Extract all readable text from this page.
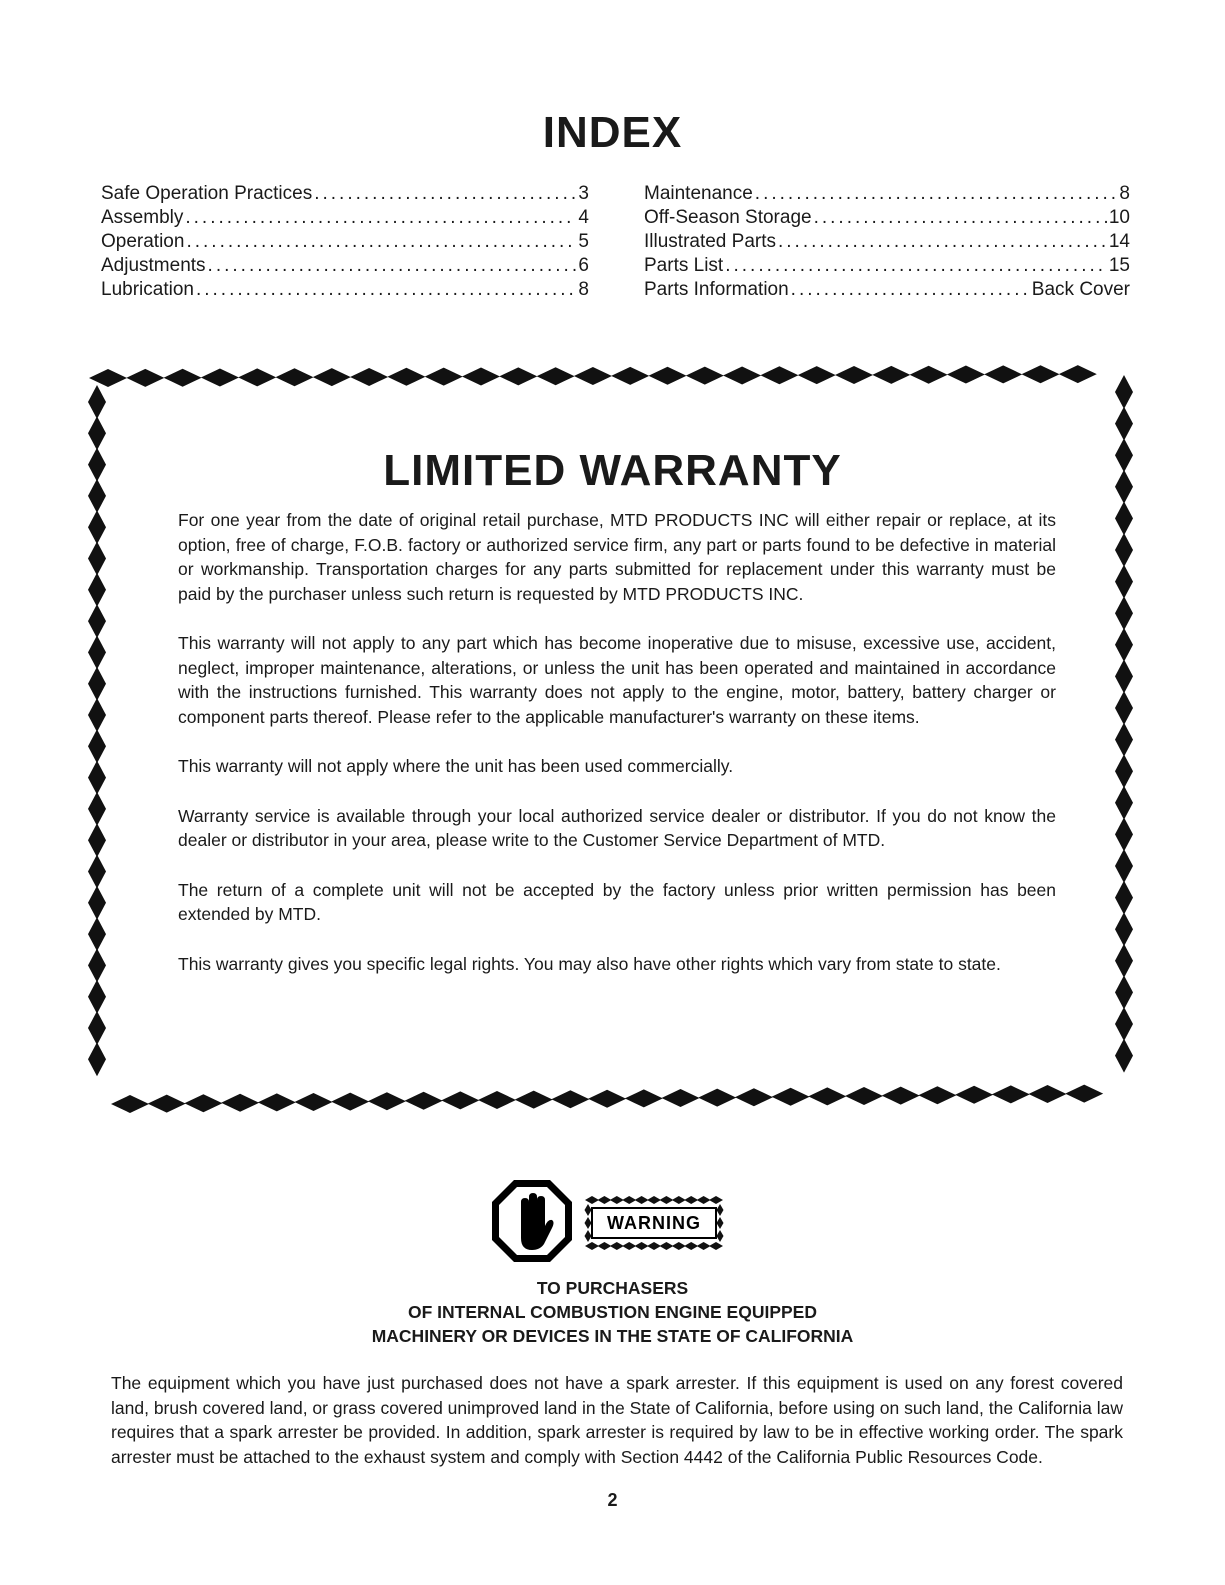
INDEX
Safe Operation Practices .....	3
Assembly .....	4
Operation .....	5
Adjustments .....	6
Lubrication .....	8
Maintenance .....	8
Off-Season Storage .....	10
Illustrated Parts .....	14
Parts List .....	15
Parts Information .....	Back Cover
LIMITED WARRANTY

For one year from the date of original retail purchase, MTD PRODUCTS INC will either repair or replace, at its option, free of charge, F.O.B. factory or authorized service firm, any part or parts found to be defective in material or workmanship. Transportation charges for any parts submitted for replacement under this warranty must be paid by the purchaser unless such return is requested by MTD PRODUCTS INC.

This warranty will not apply to any part which has become inoperative due to misuse, excessive use, accident, neglect, improper maintenance, alterations, or unless the unit has been operated and maintained in accordance with the instructions furnished. This warranty does not apply to the engine, motor, battery, battery charger or component parts thereof. Please refer to the applicable manufacturer's warranty on these items.

This warranty will not apply where the unit has been used commercially.

Warranty service is available through your local authorized service dealer or distributor. If you do not know the dealer or distributor in your area, please write to the Customer Service Department of MTD.

The return of a complete unit will not be accepted by the factory unless prior written permission has been extended by MTD.

This warranty gives you specific legal rights. You may also have other rights which vary from state to state.

WARNING
TO PURCHASERS
OF INTERNAL COMBUSTION ENGINE EQUIPPED
MACHINERY OR DEVICES IN THE STATE OF CALIFORNIA
The equipment which you have just purchased does not have a spark arrester. If this equipment is used on any forest covered land, brush covered land, or grass covered unimproved land in the State of California, before using on such land, the California law requires that a spark arrester be provided. In addition, spark arrester is required by law to be in effective working order. The spark arrester must be attached to the exhaust system and comply with Section 4442 of the California Public Resources Code.
2
